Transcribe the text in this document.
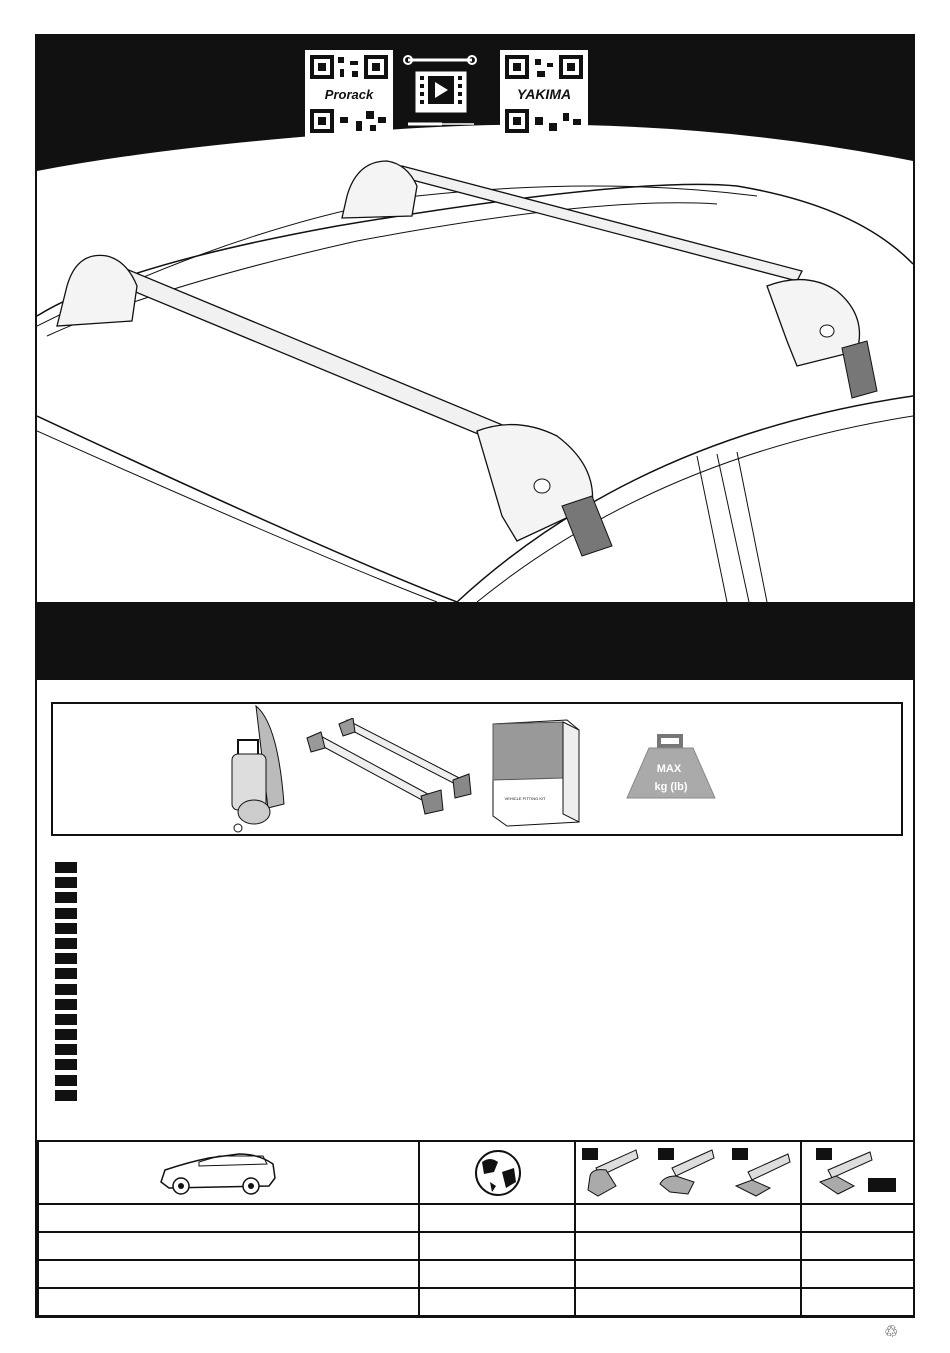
Prorack	YAKIMA
VEHICLE FITTING KIT
MAX
kg (lb)

♲
